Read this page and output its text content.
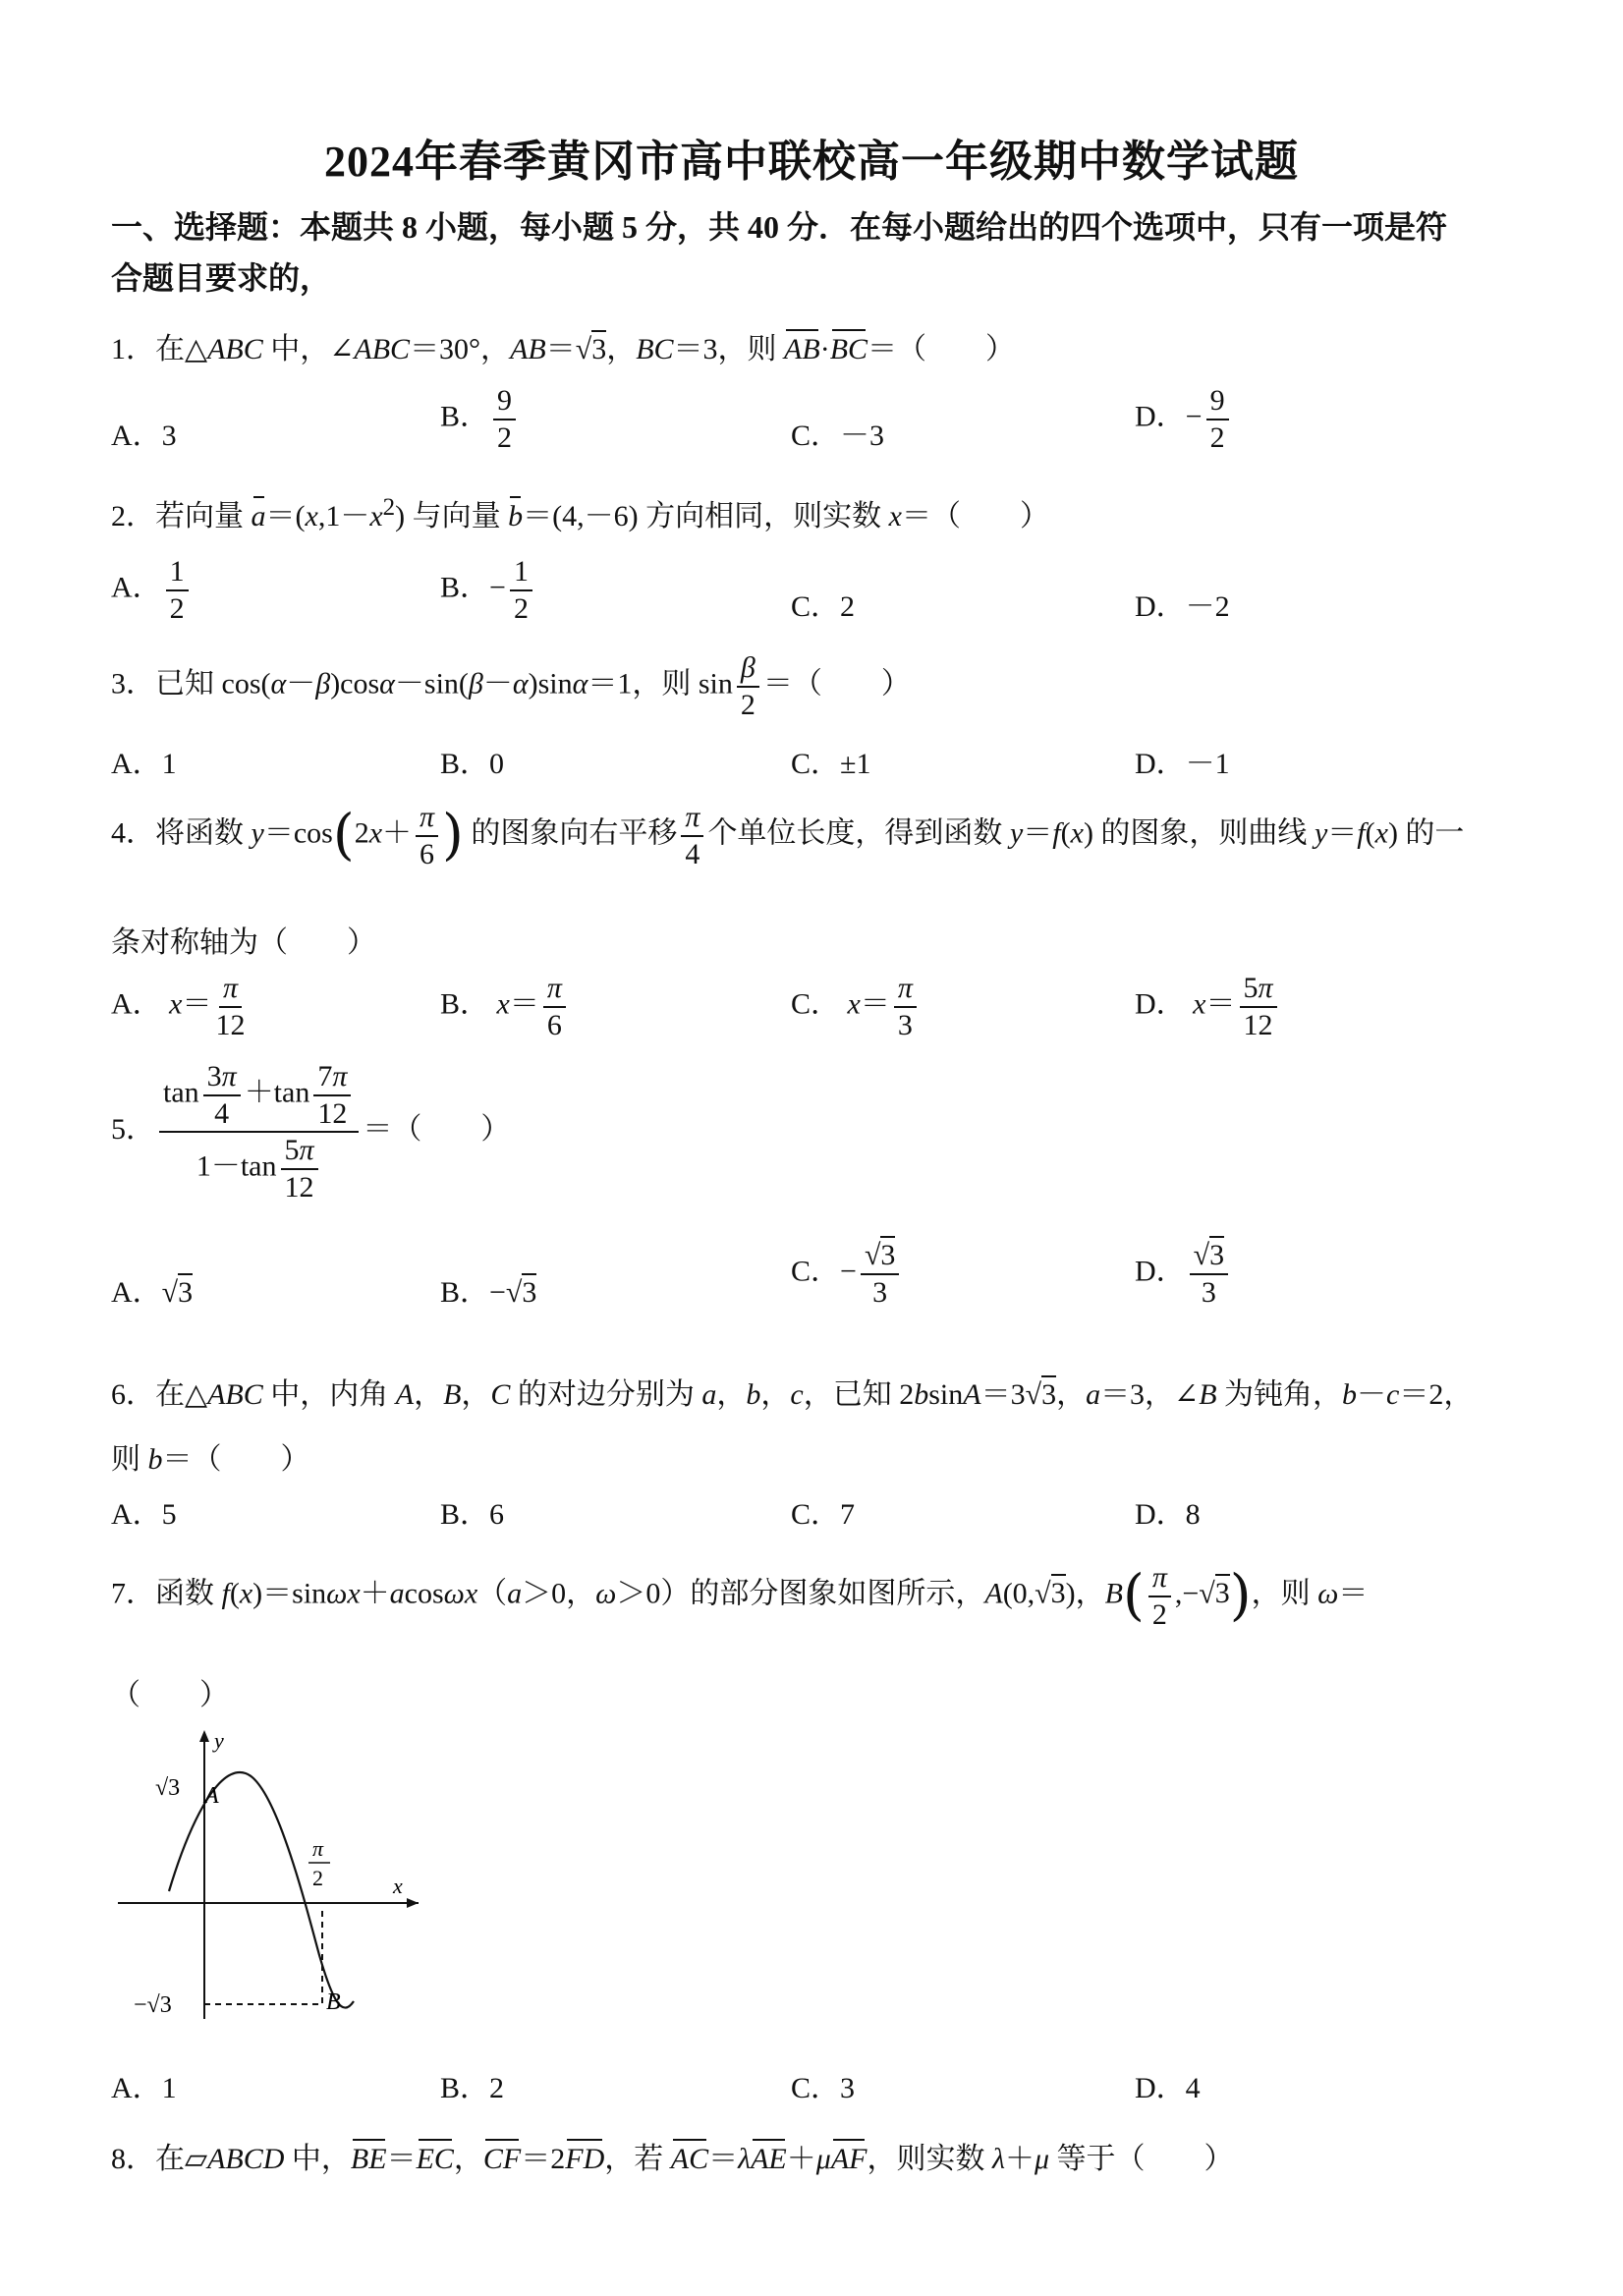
2024年春季黄冈市高中联校高一年级期中数学试题
一、选择题：本题共 8 小题，每小题 5 分，共 40 分．在每小题给出的四个选项中，只有一项是符
合题目要求的，
1．在△ABC 中，∠ABC＝30°，AB＝√3，BC＝3，则 AB·BC＝（　　）
A．3
B． $\frac{9}{2}$	C．－3
D．− $\frac{9}{2}$
2．若向量 $a=(x,1-x^2)$ 与向量 b＝(4,－6) 方向相同，则实数 x＝（　　）
A． $\frac{1}{2}$	B．− $\frac{1}{2}$	C．2	D．－2
3．已知 cos(α－β)cosα－sin(β－α)sinα＝1，则 $\sin \frac{\beta}{2}$ ＝（　　）
A．1	B．0	C．±1	D．－1
4．将函数 $y=\cos(2x+ \frac{\pi}{6}$ ) 的图象向右平移 $\frac{\pi}{4}$ 个单位长度，得到函数 y＝f(x) 的图象，则曲线 y＝f(x) 的一
条对称轴为（　　）
A． $x= \frac{\pi}{12}$	B． $x= \frac{\pi}{6}$	C． $x= \frac{\pi}{3}$	D． $x= \frac{5\pi}{12}$
5． $\frac{\tan \frac{3\pi}{4} +\tan \frac{7\pi}{12}}{1-\tan \frac{5\pi}{12}}$ ＝（　　）
A．√3	B．−√3
C．− $\frac{√3}{3}$	D． $\frac{√3}{3}$
6．在△ABC 中，内角 A，B，C 的对边分别为 a，b，c，已知 2bsinA＝3√3，a＝3，∠B 为钝角，b－c＝2，
则 b＝（　　）
A．5	B．6	C．7	D．8
7．函数 f(x)＝sinωx＋acosωx（a＞0，ω＞0）的部分图象如图所示，A(0,√3)，$B( \frac{\pi}{2} ,-√3)$，则 ω＝
（　　）
y
x
A
B
√3
−√3
π
2
A．1	B．2	C．3	D．4
8．在▱ABCD 中，BE＝EC，CF＝2FD，若 AC＝λAE＋μAF，则实数 λ＋μ 等于（　　）
